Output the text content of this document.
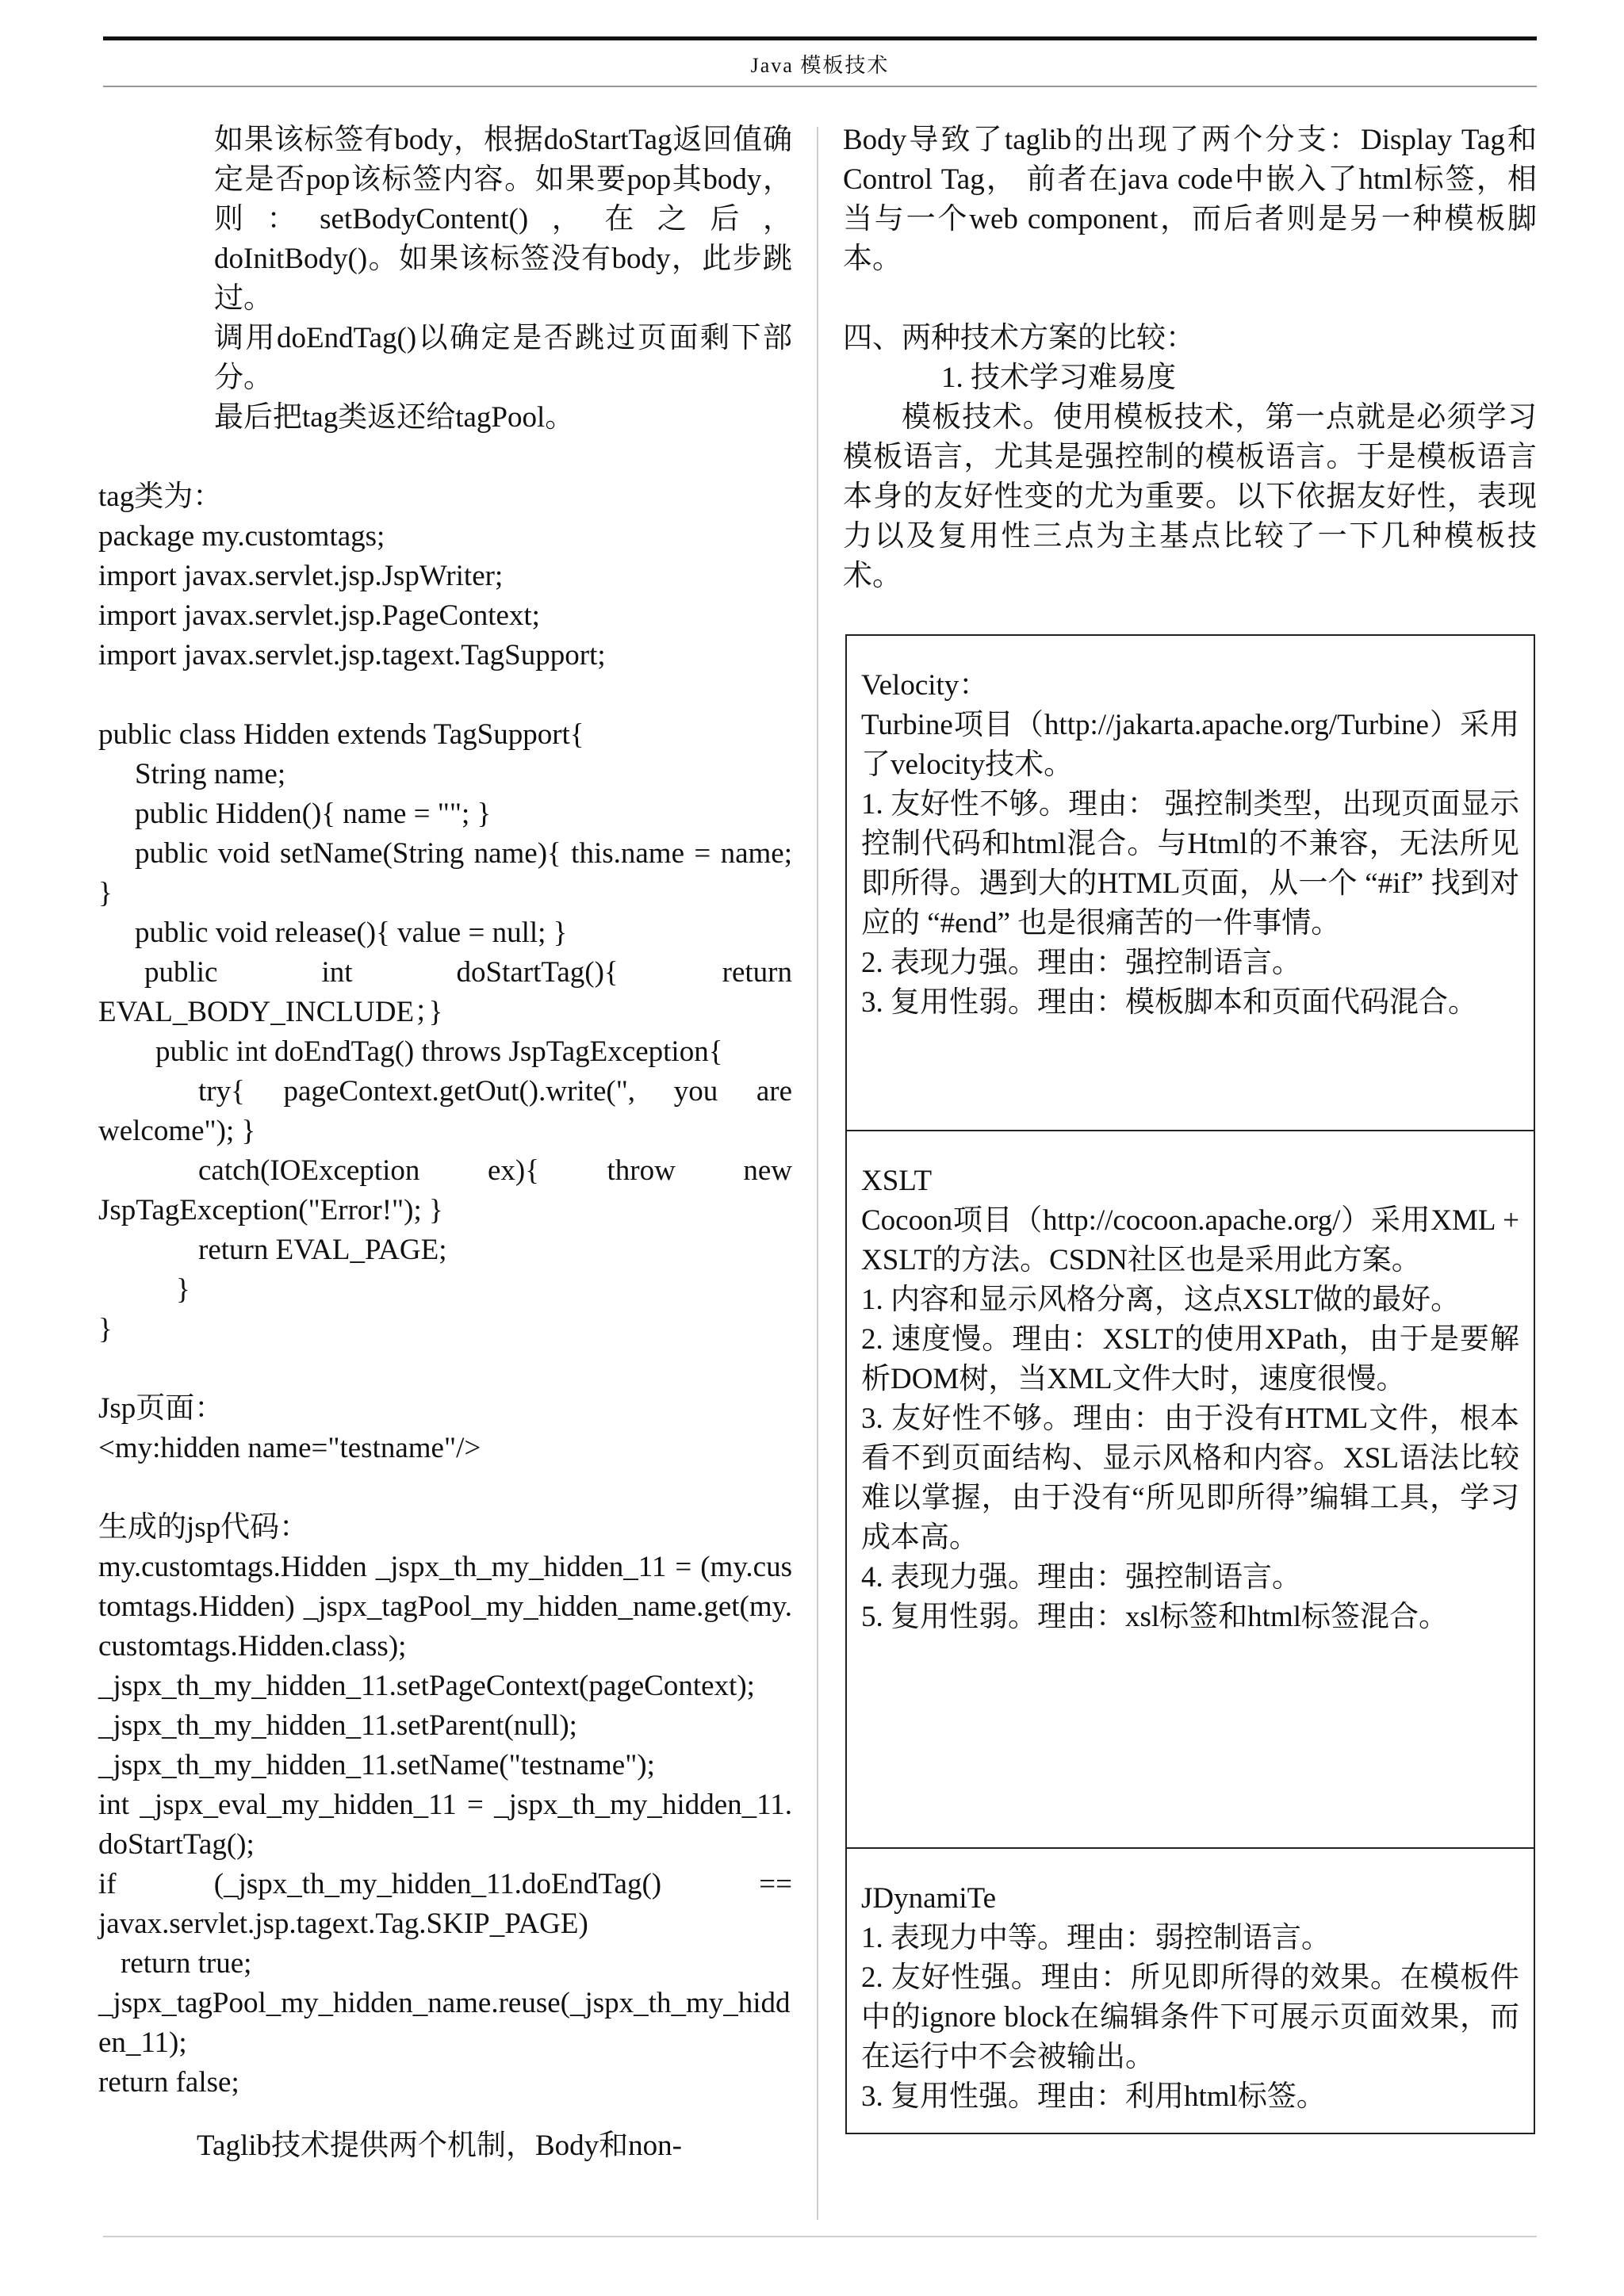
Java 模板技术

如果该标签有body，根据doStartTag返回值确定是否pop该标签内容。如果要pop其body，则：setBodyContent()，在之后，doInitBody()。如果该标签没有body，此步跳过。

调用doEndTag()以确定是否跳过页面剩下部分。

最后把tag类返还给tagPool。

tag类为：

package my.customtags;

import javax.servlet.jsp.JspWriter;

import javax.servlet.jsp.PageContext;

import javax.servlet.jsp.tagext.TagSupport;

public class Hidden extends TagSupport{

String name;

public Hidden(){ name = ""; }

public void setName(String name){ this.name = name; }

public void release(){ value = null; }

public int doStartTag(){ return EVAL_BODY_INCLUDE；}

public int doEndTag() throws JspTagException{

try{ pageContext.getOut().write(", you are welcome"); }

catch(IOException ex){ throw new JspTagException("Error!"); }

return EVAL_PAGE;

}

}

Jsp页面：

<my:hidden name="testname"/>

生成的jsp代码：

my.customtags.Hidden _jspx_th_my_hidden_11 = (my.customtags.Hidden) _jspx_tagPool_my_hidden_name.get(my.customtags.Hidden.class);

_jspx_th_my_hidden_11.setPageContext(pageContext);

_jspx_th_my_hidden_11.setParent(null);

_jspx_th_my_hidden_11.setName("testname");

int _jspx_eval_my_hidden_11 = _jspx_th_my_hidden_11.doStartTag();

if (_jspx_th_my_hidden_11.doEndTag() == javax.servlet.jsp.tagext.Tag.SKIP_PAGE)

return true;

_jspx_tagPool_my_hidden_name.reuse(_jspx_th_my_hidden_11);

return false;

Taglib技术提供两个机制，Body和non-

Body导致了taglib的出现了两个分支：Display Tag和Control Tag， 前者在java code中嵌入了html标签，相当与一个web component，而后者则是另一种模板脚本。

四、两种技术方案的比较：

1. 技术学习难易度

模板技术。使用模板技术，第一点就是必须学习模板语言，尤其是强控制的模板语言。于是模板语言本身的友好性变的尤为重要。以下依据友好性，表现力以及复用性三点为主基点比较了一下几种模板技术。

Velocity：

Turbine项目（http://jakarta.apache.org/Turbine）采用了velocity技术。

1. 友好性不够。理由： 强控制类型，出现页面显示控制代码和html混合。与Html的不兼容，无法所见即所得。遇到大的HTML页面，从一个 “#if” 找到对应的 “#end” 也是很痛苦的一件事情。

2. 表现力强。理由：强控制语言。

3. 复用性弱。理由：模板脚本和页面代码混合。

XSLT

Cocoon项目（http://cocoon.apache.org/）采用XML + XSLT的方法。CSDN社区也是采用此方案。

1. 内容和显示风格分离，这点XSLT做的最好。

2. 速度慢。理由：XSLT的使用XPath，由于是要解析DOM树，当XML文件大时，速度很慢。

3. 友好性不够。理由：由于没有HTML文件，根本看不到页面结构、显示风格和内容。XSL语法比较难以掌握，由于没有“所见即所得”编辑工具，学习成本高。

4. 表现力强。理由：强控制语言。

5. 复用性弱。理由：xsl标签和html标签混合。

JDynamiTe

1. 表现力中等。理由：弱控制语言。

2. 友好性强。理由：所见即所得的效果。在模板件中的ignore block在编辑条件下可展示页面效果，而在运行中不会被输出。

3. 复用性强。理由：利用html标签。
